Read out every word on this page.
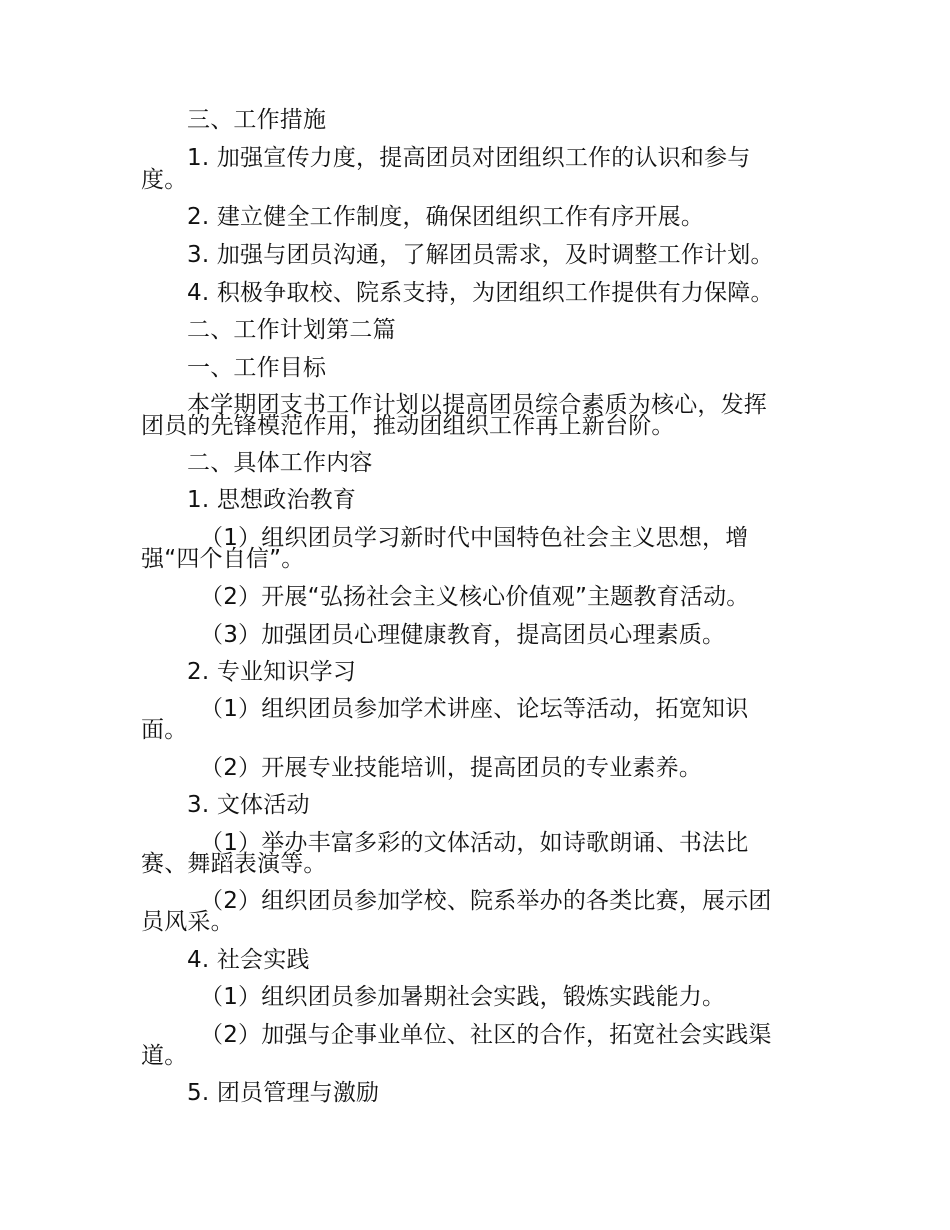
三、工作措施
1. 加强宣传力度，提高团员对团组织工作的认识和参与
度。
2. 建立健全工作制度，确保团组织工作有序开展。
3. 加强与团员沟通，了解团员需求，及时调整工作计划。
4. 积极争取校、院系支持，为团组织工作提供有力保障。
二、工作计划第二篇
一、工作目标
本学期团支书工作计划以提高团员综合素质为核心，发挥
团员的先锋模范作用，推动团组织工作再上新台阶。
二、具体工作内容
1. 思想政治教育
（1）组织团员学习新时代中国特色社会主义思想，增
强“四个自信”。
（2）开展“弘扬社会主义核心价值观”主题教育活动。
（3）加强团员心理健康教育，提高团员心理素质。
2. 专业知识学习
（1）组织团员参加学术讲座、论坛等活动，拓宽知识
面。
（2）开展专业技能培训，提高团员的专业素养。
3. 文体活动
（1）举办丰富多彩的文体活动，如诗歌朗诵、书法比
赛、舞蹈表演等。
（2）组织团员参加学校、院系举办的各类比赛，展示团
员风采。
4. 社会实践
（1）组织团员参加暑期社会实践，锻炼实践能力。
（2）加强与企事业单位、社区的合作，拓宽社会实践渠
道。
5. 团员管理与激励
